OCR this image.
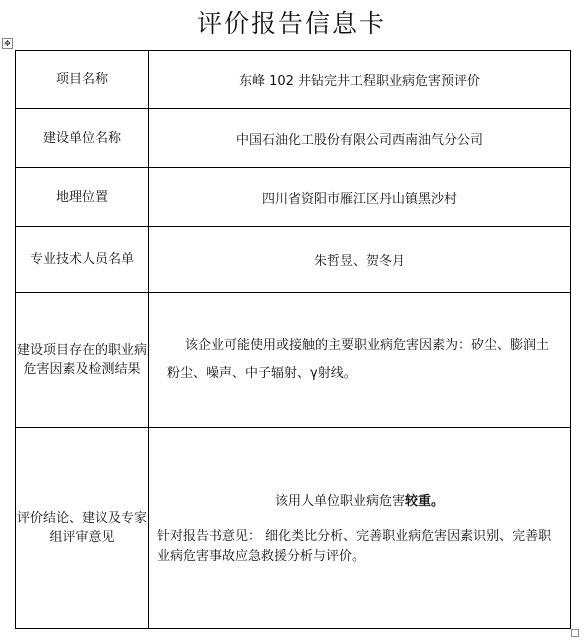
评价报告信息卡
✥
项目名称	东峰 102 井钻完井工程职业病危害预评价
建设单位名称	中国石油化工股份有限公司西南油气分公司
地理位置	四川省资阳市雁江区丹山镇黑沙村
专业技术人员名单	朱哲昱、贺冬月
建设项目存在的职业病危害因素及检测结果	该企业可能使用或接触的主要职业病危害因素为：矽尘、膨润土粉尘、噪声、中子辐射、γ射线。

评价结论、建议及专家组评审意见	该用人单位职业病危害较重。
针对报告书意见： 细化类比分析、完善职业病危害因素识别、完善职业病危害事故应急救援分析与评价。
